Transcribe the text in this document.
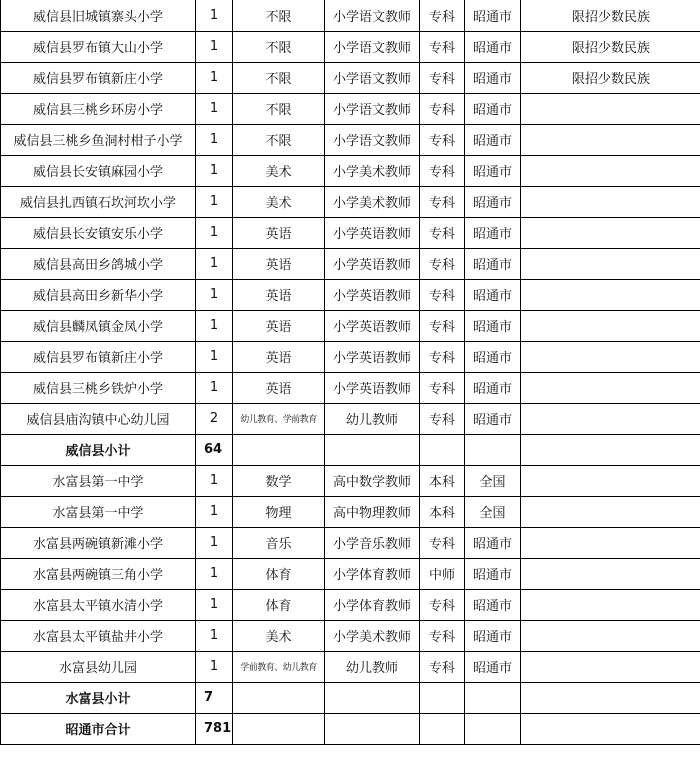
威信县旧城镇寨头小学	1	不限	小学语文教师	专科	昭通市	限招少数民族
威信县罗布镇大山小学	1	不限	小学语文教师	专科	昭通市	限招少数民族
威信县罗布镇新庄小学	1	不限	小学语文教师	专科	昭通市	限招少数民族
威信县三桃乡环房小学	1	不限	小学语文教师	专科	昭通市	
威信县三桃乡鱼洞村柑子小学	1	不限	小学语文教师	专科	昭通市	
威信县长安镇麻园小学	1	美术	小学美术教师	专科	昭通市	
威信县扎西镇石坎河坎小学	1	美术	小学美术教师	专科	昭通市	
威信县长安镇安乐小学	1	英语	小学英语教师	专科	昭通市	
威信县高田乡鸽城小学	1	英语	小学英语教师	专科	昭通市	
威信县高田乡新华小学	1	英语	小学英语教师	专科	昭通市	
威信县麟凤镇金凤小学	1	英语	小学英语教师	专科	昭通市	
威信县罗布镇新庄小学	1	英语	小学英语教师	专科	昭通市	
威信县三桃乡铁炉小学	1	英语	小学英语教师	专科	昭通市	
威信县庙沟镇中心幼儿园	2	幼儿教育、学前教育	幼儿教师	专科	昭通市	
威信县小计	64					
水富县第一中学	1	数学	高中数学教师	本科	全国	
水富县第一中学	1	物理	高中物理教师	本科	全国	
水富县两碗镇新滩小学	1	音乐	小学音乐教师	专科	昭通市	
水富县两碗镇三角小学	1	体育	小学体育教师	中师	昭通市	
水富县太平镇水清小学	1	体育	小学体育教师	专科	昭通市	
水富县太平镇盐井小学	1	美术	小学美术教师	专科	昭通市	
水富县幼儿园	1	学前教育、幼儿教育	幼儿教师	专科	昭通市	
水富县小计	7					
昭通市合计	781					
